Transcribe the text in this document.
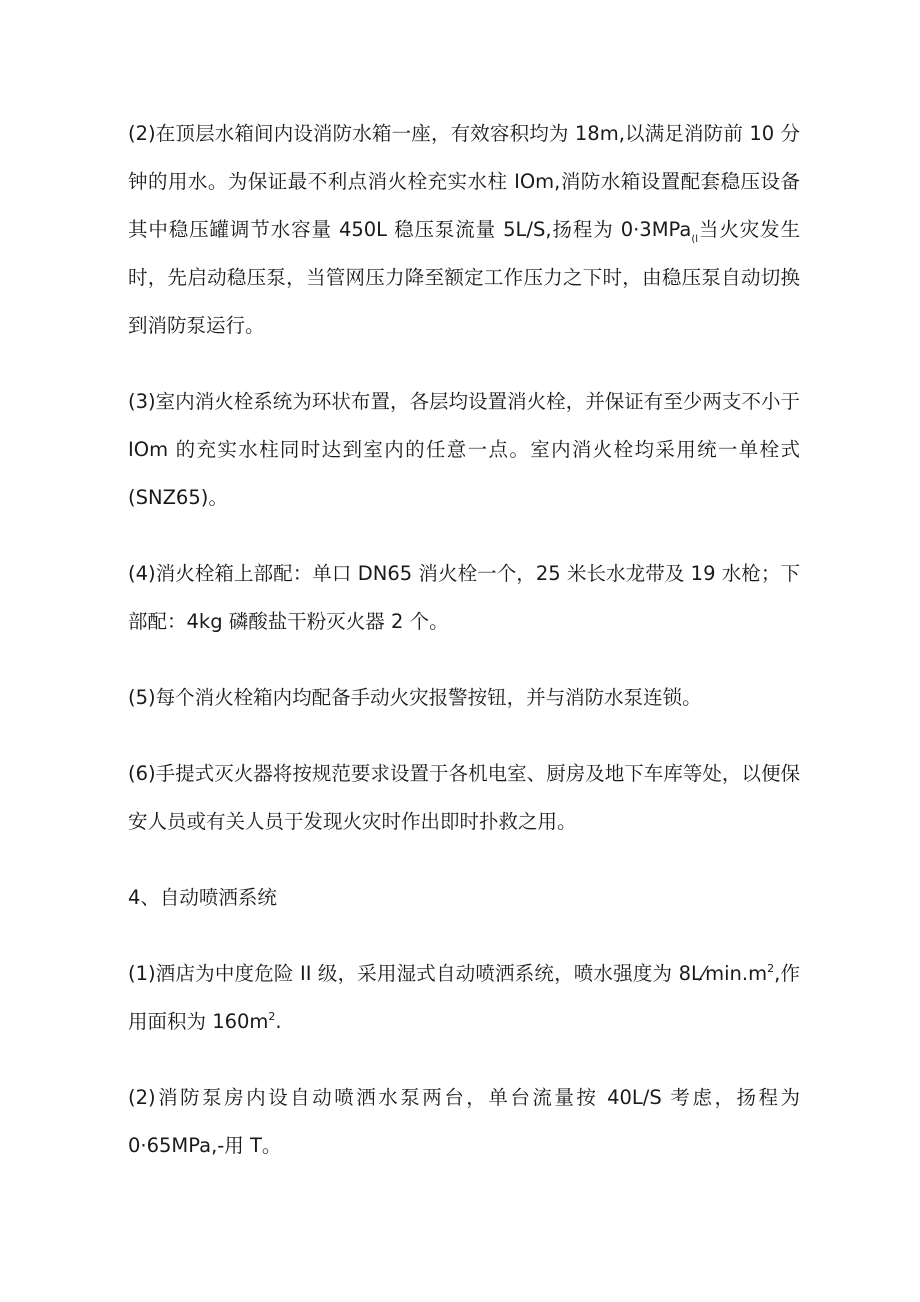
(2)在顶层水箱间内设消防水箱一座，有效容积均为 18m,以满足消防前 10 分钟的用水。为保证最不利点消火栓充实水柱 IOm,消防水箱设置配套稳压设备其中稳压罐调节水容量 450L 稳压泵流量 5L/S,扬程为 0·3MPa$_{(l}$当火灾发生时，先启动稳压泵，当管网压力降至额定工作压力之下时，由稳压泵自动切换到消防泵运行。

(3)室内消火栓系统为环状布置，各层均设置消火栓，并保证有至少两支不小于 IOm 的充实水柱同时达到室内的任意一点。室内消火栓均采用统一单栓式(SNZ65)。

(4)消火栓箱上部配：单口 DN65 消火栓一个，25 米长水龙带及 19 水枪；下部配：4kg 磷酸盐干粉灭火器 2 个。

(5)每个消火栓箱内均配备手动火灾报警按钮，并与消防水泵连锁。

(6)手提式灭火器将按规范要求设置于各机电室、厨房及地下车库等处，以便保安人员或有关人员于发现火灾时作出即时扑救之用。

4、自动喷洒系统

(1)酒店为中度危险 II 级，采用湿式自动喷洒系统，喷水强度为 $8L⁄\min.m^2$,作用面积为 $160m^2$.

(2)消防泵房内设自动喷洒水泵两台，单台流量按 40L/S 考虑，扬程为 0·65MPa,-用 T。
